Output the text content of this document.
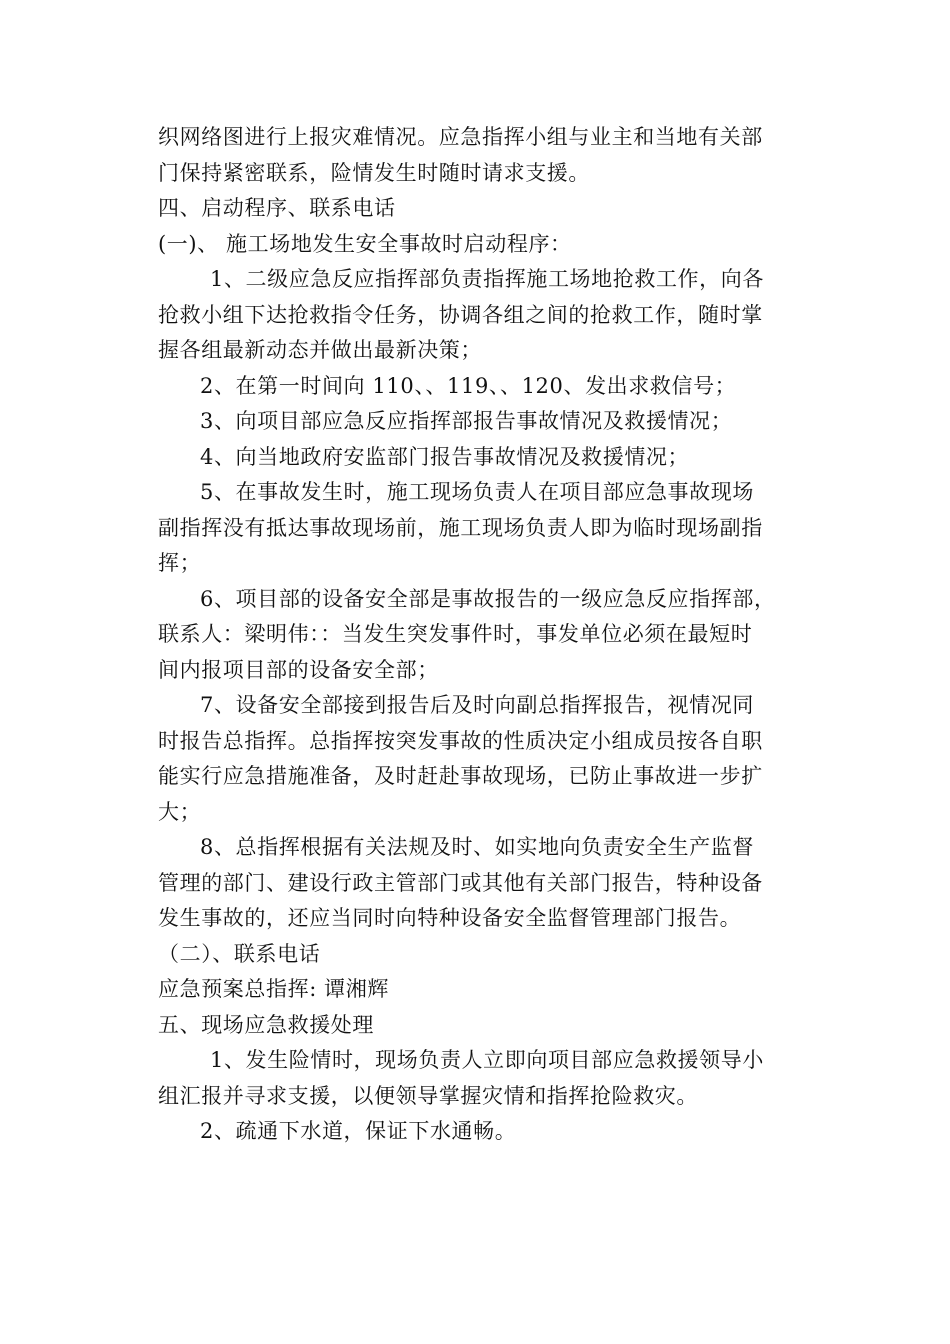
织网络图进行上报灾难情况。应急指挥小组与业主和当地有关部
门保持紧密联系，险情发生时随时请求支援。
四、启动程序、联系电话
(一)、 施工场地发生安全事故时启动程序：
1、二级应急反应指挥部负责指挥施工场地抢救工作，向各
抢救小组下达抢救指令任务，协调各组之间的抢救工作，随时掌
握各组最新动态并做出最新决策；
2、在第一时间向 110、、119、、120、发出求救信号；
3、向项目部应急反应指挥部报告事故情况及救援情况；
4、向当地政府安监部门报告事故情况及救援情况；
5、在事故发生时，施工现场负责人在项目部应急事故现场
副指挥没有抵达事故现场前，施工现场负责人即为临时现场副指
挥；
6、项目部的设备安全部是事故报告的一级应急反应指挥部，
联系人：梁明伟：：当发生突发事件时，事发单位必须在最短时
间内报项目部的设备安全部；
7、设备安全部接到报告后及时向副总指挥报告，视情况同
时报告总指挥。总指挥按突发事故的性质决定小组成员按各自职
能实行应急措施准备，及时赶赴事故现场，已防止事故进一步扩
大；
8、总指挥根据有关法规及时、如实地向负责安全生产监督
管理的部门、建设行政主管部门或其他有关部门报告，特种设备
发生事故的，还应当同时向特种设备安全监督管理部门报告。
（二）、联系电话
应急预案总指挥: 谭湘辉
五、现场应急救援处理
1、发生险情时，现场负责人立即向项目部应急救援领导小
组汇报并寻求支援，以便领导掌握灾情和指挥抢险救灾。
2、疏通下水道，保证下水通畅。
